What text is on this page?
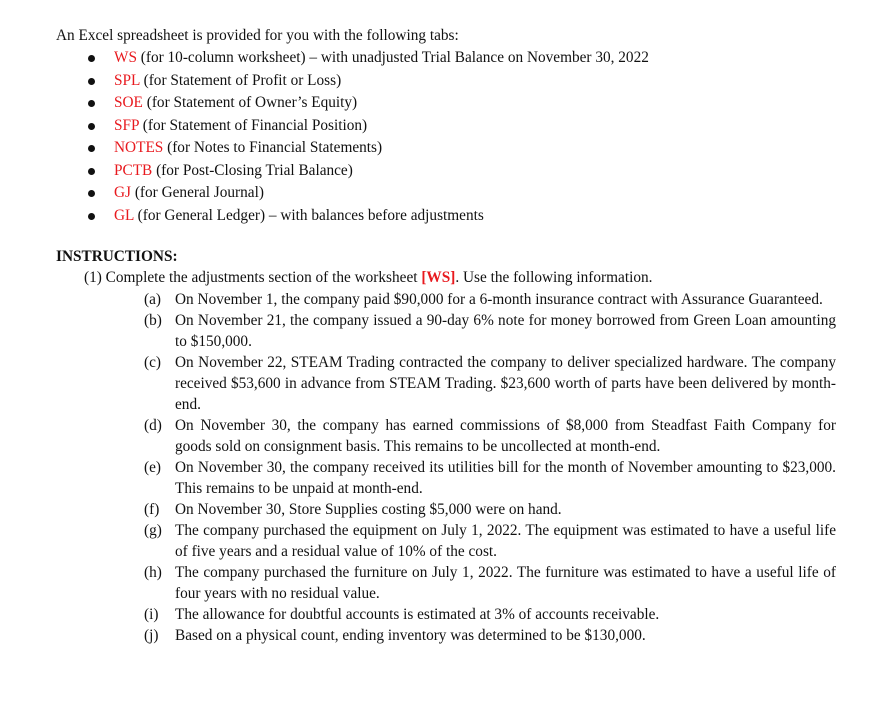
An Excel spreadsheet is provided for you with the following tabs:
WS (for 10-column worksheet) – with unadjusted Trial Balance on November 30, 2022
SPL (for Statement of Profit or Loss)
SOE (for Statement of Owner’s Equity)
SFP (for Statement of Financial Position)
NOTES (for Notes to Financial Statements)
PCTB (for Post-Closing Trial Balance)
GJ (for General Journal)
GL (for General Ledger) – with balances before adjustments
INSTRUCTIONS:
(1) Complete the adjustments section of the worksheet [WS]. Use the following information.
(a) On November 1, the company paid $90,000 for a 6-month insurance contract with Assurance Guaranteed.
(b) On November 21, the company issued a 90-day 6% note for money borrowed from Green Loan amounting to $150,000.
(c) On November 22, STEAM Trading contracted the company to deliver specialized hardware. The company received $53,600 in advance from STEAM Trading. $23,600 worth of parts have been delivered by month-end.
(d) On November 30, the company has earned commissions of $8,000 from Steadfast Faith Company for goods sold on consignment basis. This remains to be uncollected at month-end.
(e) On November 30, the company received its utilities bill for the month of November amounting to $23,000. This remains to be unpaid at month-end.
(f) On November 30, Store Supplies costing $5,000 were on hand.
(g) The company purchased the equipment on July 1, 2022. The equipment was estimated to have a useful life of five years and a residual value of 10% of the cost.
(h) The company purchased the furniture on July 1, 2022. The furniture was estimated to have a useful life of four years with no residual value.
(i) The allowance for doubtful accounts is estimated at 3% of accounts receivable.
(j) Based on a physical count, ending inventory was determined to be $130,000.
